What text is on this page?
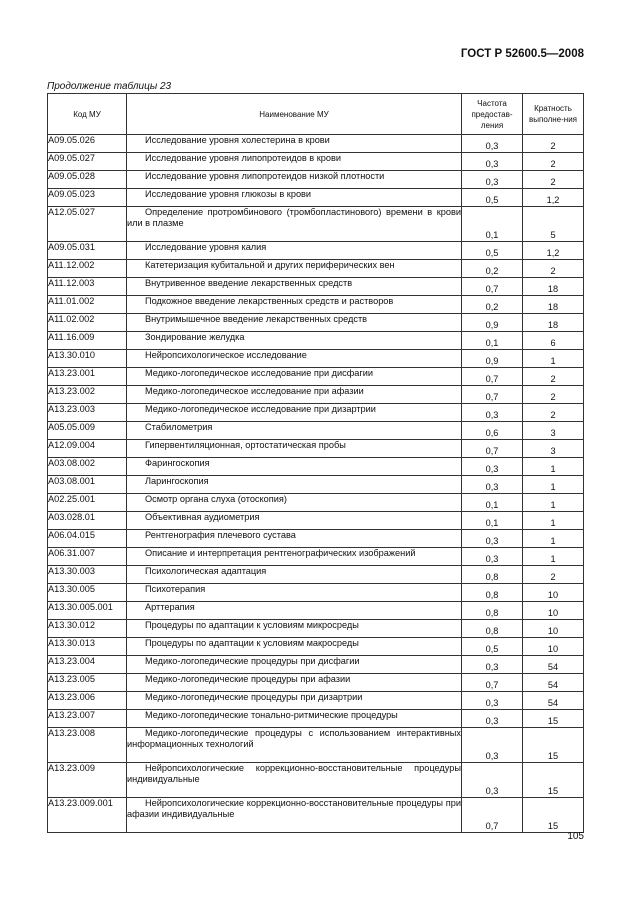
ГОСТ Р 52600.5—2008
Продолжение таблицы 23
Код МУ	Наименование МУ	Частота предостав-ления	Кратность выполне-ния
A09.05.026	Исследование уровня холестерина в крови	0,3	2
A09.05.027	Исследование уровня липопротеидов в крови	0,3	2
A09.05.028	Исследование уровня липопротеидов низкой плотности	0,3	2
A09.05.023	Исследование уровня глюкозы в крови	0,5	1,2
A12.05.027	Определение протромбинового (тромбопластинового) времени в крови или в плазме	0,1	5
A09.05.031	Исследование уровня калия	0,5	1,2
A11.12.002	Катетеризация кубитальной и других периферических вен	0,2	2
A11.12.003	Внутривенное введение лекарственных средств	0,7	18
A11.01.002	Подкожное введение лекарственных средств и растворов	0,2	18
A11.02.002	Внутримышечное введение лекарственных средств	0,9	18
A11.16.009	Зондирование желудка	0,1	6
A13.30.010	Нейропсихологическое исследование	0,9	1
A13.23.001	Медико-логопедическое исследование при дисфагии	0,7	2
A13.23.002	Медико-логопедическое исследование при афазии	0,7	2
A13.23.003	Медико-логопедическое исследование при дизартрии	0,3	2
A05.05.009	Стабилометрия	0,6	3
A12.09.004	Гипервентиляционная, ортостатическая пробы	0,7	3
A03.08.002	Фарингоскопия	0,3	1
A03.08.001	Ларингоскопия	0,3	1
A02.25.001	Осмотр органа слуха (отоскопия)	0,1	1
A03.028.01	Объективная аудиометрия	0,1	1
A06.04.015	Рентгенография плечевого сустава	0,3	1
A06.31.007	Описание и интерпретация рентгенографических изображений	0,3	1
A13.30.003	Психологическая адаптация	0,8	2
A13.30.005	Психотерапия	0,8	10
A13.30.005.001	Арттерапия	0,8	10
A13.30.012	Процедуры по адаптации к условиям микросреды	0,8	10
A13.30.013	Процедуры по адаптации к условиям макросреды	0,5	10
A13.23.004	Медико-логопедические процедуры при дисфагии	0,3	54
A13.23.005	Медико-логопедические процедуры при афазии	0,7	54
A13.23.006	Медико-логопедические процедуры при дизартрии	0,3	54
A13.23.007	Медико-логопедические тонально-ритмические процедуры	0,3	15
A13.23.008	Медико-логопедические процедуры с использованием интерактивных информационных технологий	0,3	15
A13.23.009	Нейропсихологические коррекционно-восстановительные процедуры индивидуальные	0,3	15
A13.23.009.001	Нейропсихологические коррекционно-восстановительные процедуры при афазии индивидуальные	0,7	15
105
